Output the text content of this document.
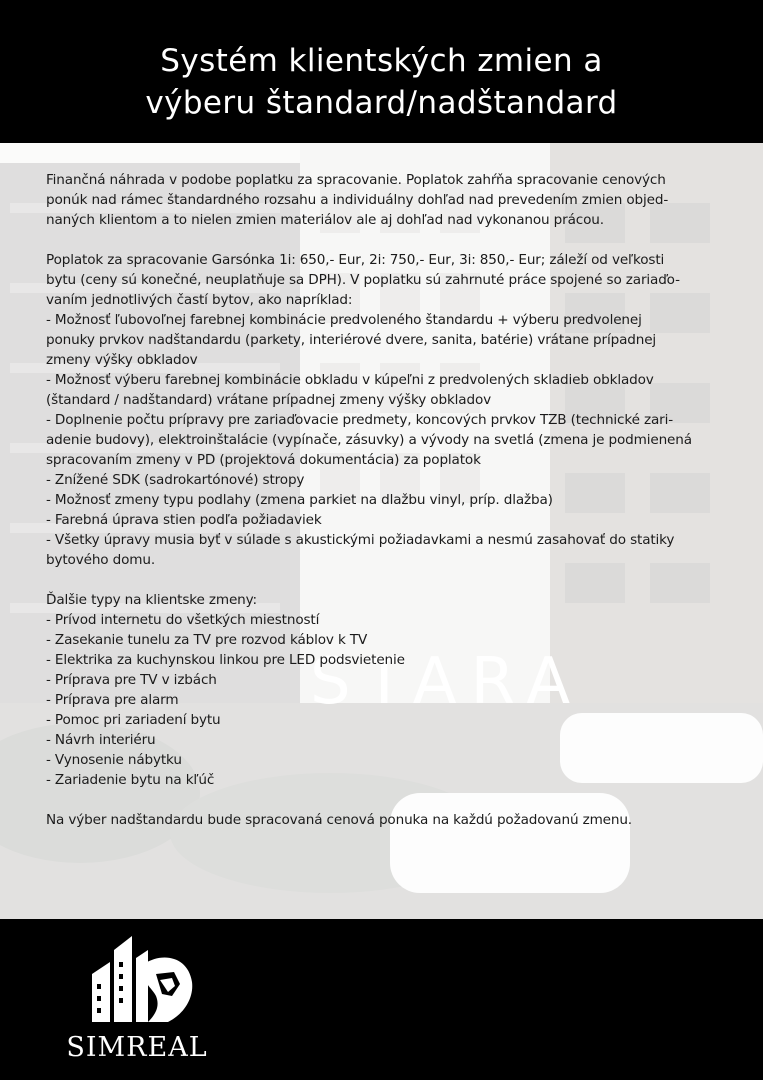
Systém klientských zmien a
výberu štandard/nadštandard

Finančná náhrada v podobe poplatku za spracovanie. Poplatok zahŕňa spracovanie cenových

ponúk nad rámec štandardného rozsahu a individuálny dohľad nad prevedením zmien objed-

naných klientom a to nielen zmien materiálov ale aj dohľad nad vykonanou prácou.

Poplatok za spracovanie Garsónka 1i: 650,- Eur, 2i: 750,- Eur, 3i: 850,- Eur; záleží od veľkosti

bytu (ceny sú konečné, neuplatňuje sa DPH). V poplatku sú zahrnuté práce spojené so zariaďo-

vaním jednotlivých častí bytov, ako napríklad:

- Možnosť ľubovoľnej farebnej kombinácie predvoleného štandardu + výberu predvolenej

ponuky prvkov nadštandardu (parkety, interiérové dvere, sanita, batérie) vrátane prípadnej

zmeny výšky obkladov

- Možnosť výberu farebnej kombinácie obkladu v kúpeľni z predvolených skladieb obkladov

(štandard / nadštandard) vrátane prípadnej zmeny výšky obkladov

- Doplnenie počtu prípravy pre zariaďovacie predmety, koncových prvkov TZB (technické zari-

adenie budovy), elektroinštalácie (vypínače, zásuvky) a vývody na svetlá (zmena je podmienená

spracovaním zmeny v PD (projektová dokumentácia) za poplatok

- Znížené SDK (sadrokartónové) stropy

- Možnosť zmeny typu podlahy (zmena parkiet na dlažbu vinyl, príp. dlažba)

- Farebná úprava stien podľa požiadaviek

- Všetky úpravy musia byť v súlade s akustickými požiadavkami a nesmú zasahovať do statiky

bytového domu.

Ďalšie typy na klientske zmeny:

- Prívod internetu do všetkých miestností

- Zasekanie tunelu za TV pre rozvod káblov k TV

- Elektrika za kuchynskou linkou pre LED podsvietenie

- Príprava pre TV v izbách

- Príprava pre alarm

- Pomoc pri zariadení bytu

- Návrh interiéru

- Vynosenie nábytku

- Zariadenie bytu na kľúč

Na výber nadštandardu bude spracovaná cenová ponuka na každú požadovanú zmenu.

SIMREAL
